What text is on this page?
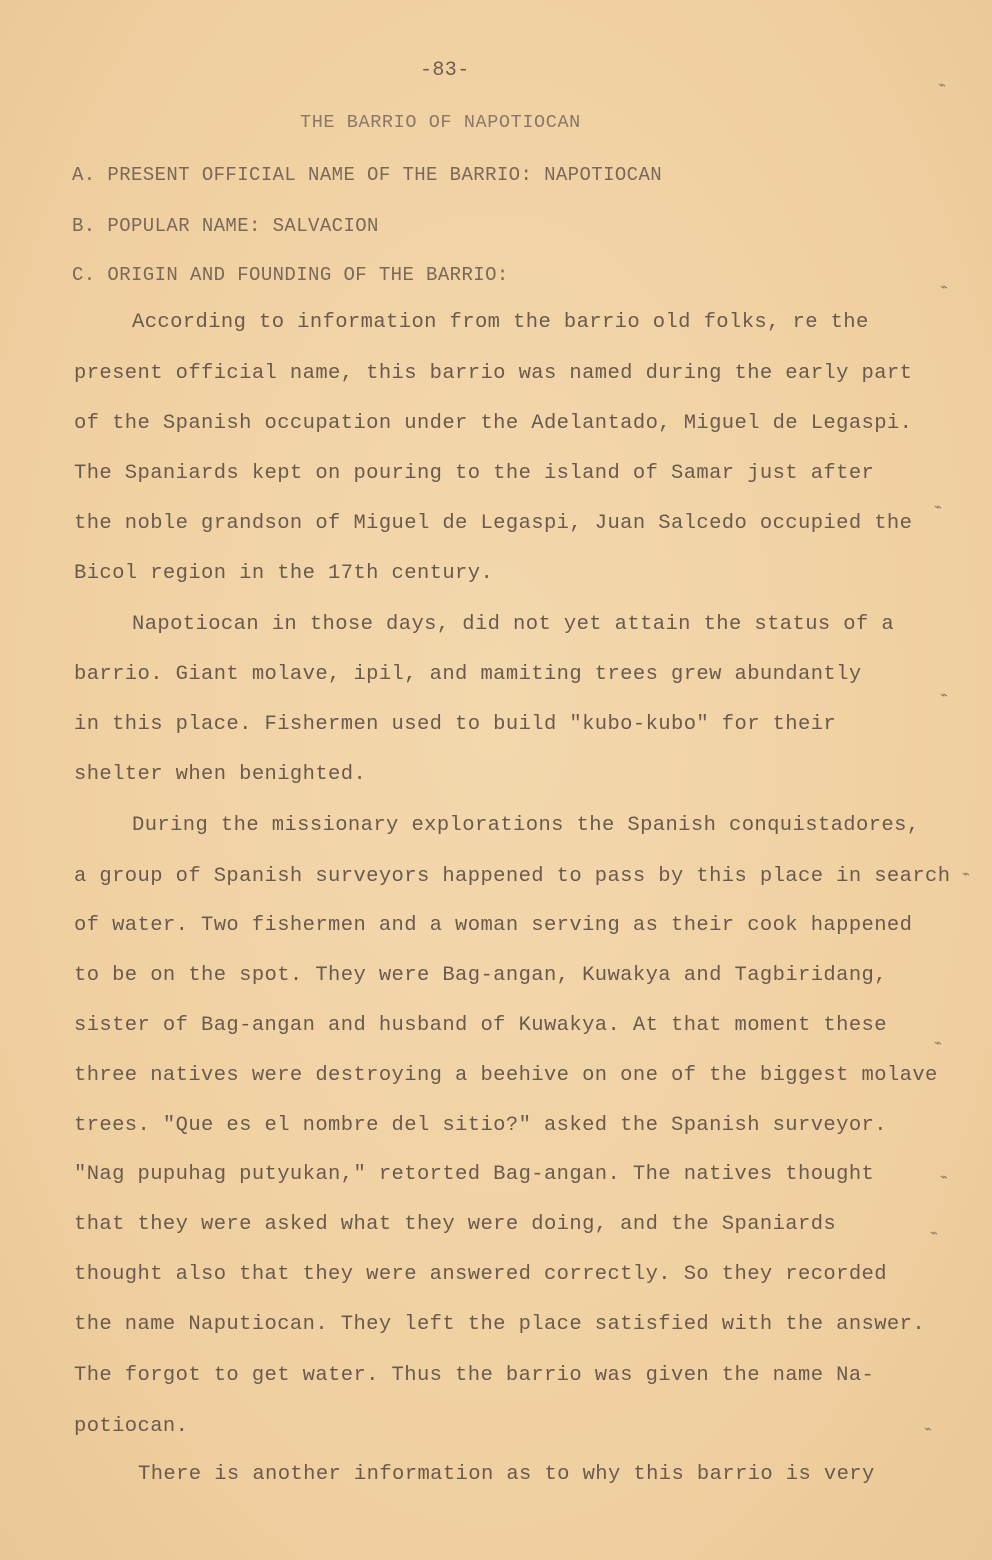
-83-
THE BARRIO OF NAPOTIOCAN
A. PRESENT OFFICIAL NAME OF THE BARRIO: NAPOTIOCAN
B. POPULAR NAME: SALVACION
C. ORIGIN AND FOUNDING OF THE BARRIO:
According to information from the barrio old folks, re the
present official name, this barrio was named during the early part
of the Spanish occupation under the Adelantado, Miguel de Legaspi.
The Spaniards kept on pouring to the island of Samar just after
the noble grandson of Miguel de Legaspi, Juan Salcedo occupied the
Bicol region in the 17th century.
Napotiocan in those days, did not yet attain the status of a
barrio. Giant molave, ipil, and mamiting trees grew abundantly
in this place. Fishermen used to build "kubo-kubo" for their
shelter when benighted.
During the missionary explorations the Spanish conquistadores,
a group of Spanish surveyors happened to pass by this place in search
of water. Two fishermen and a woman serving as their cook happened
to be on the spot. They were Bag-angan, Kuwakya and Tagbiridang,
sister of Bag-angan and husband of Kuwakya. At that moment these
three natives were destroying a beehive on one of the biggest molave
trees. "Que es el nombre del sitio?" asked the Spanish surveyor.
"Nag pupuhag putyukan," retorted Bag-angan. The natives thought
that they were asked what they were doing, and the Spaniards
thought also that they were answered correctly. So they recorded
the name Naputiocan. They left the place satisfied with the answer.
The forgot to get water. Thus the barrio was given the name Na-
potiocan.
There is another information as to why this barrio is very
⌁
⌁
⌁
⌁
⌁
⌁
⌁
⌁
⌁
